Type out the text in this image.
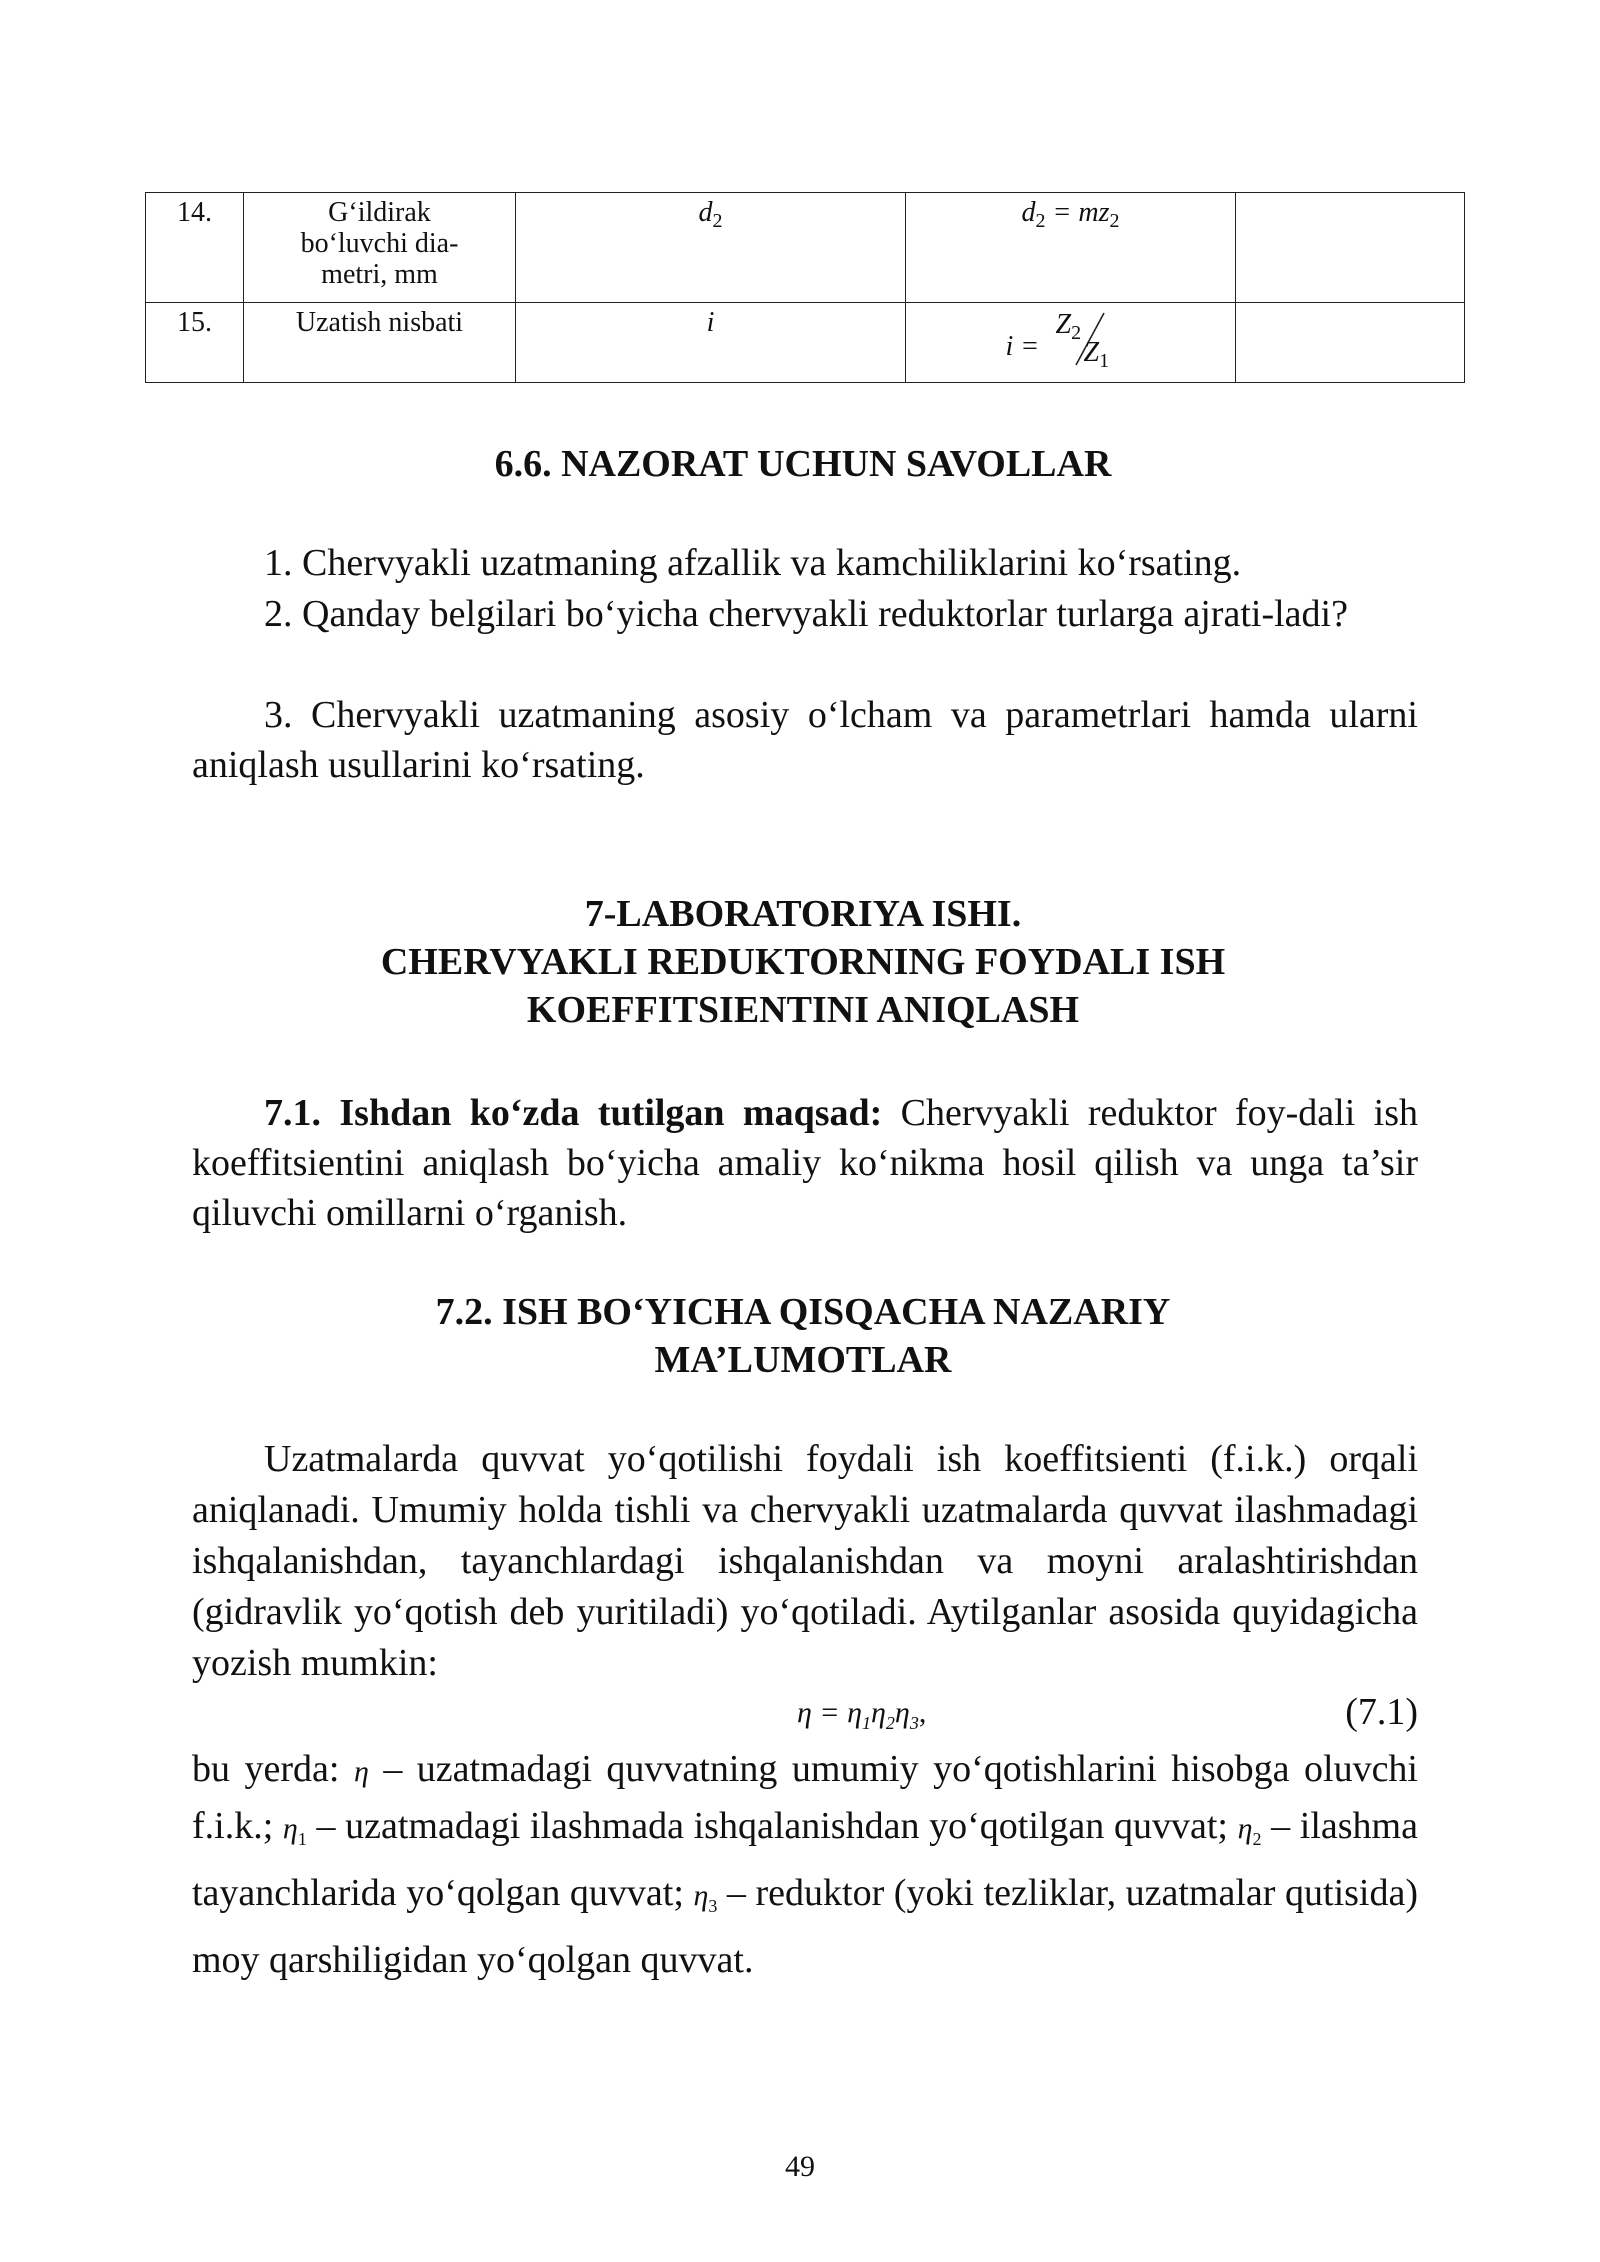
14.	G‘ildirak
bo‘luvchi dia-
metri, mm	$d_2$	$d_2 = mz_2$	
15.	Uzatish nisbati	i	i =
$Z_2$
$Z_1$

6.6. NAZORAT UCHUN SAVOLLAR

1. Chervyakli uzatmaning afzallik va kamchiliklarini ko‘rsating.

2. Qanday belgilari bo‘yicha chervyakli reduktorlar turlarga ajrati-ladi?

3. Chervyakli uzatmaning asosiy o‘lcham va parametrlari hamda ularni aniqlash usullarini ko‘rsating.

7-LABORATORIYA ISHI.
CHERVYAKLI REDUKTORNING FOYDALI ISH
KOEFFITSIENTINI ANIQLASH

7.1. Ishdan ko‘zda tutilgan maqsad: Chervyakli reduktor foy-dali ish koeffitsientini aniqlash bo‘yicha amaliy ko‘nikma hosil qilish va unga ta’sir qiluvchi omillarni o‘rganish.

7.2. ISH BO‘YICHA QISQACHA NAZARIY
MA’LUMOTLAR

Uzatmalarda quvvat yo‘qotilishi foydali ish koeffitsienti (f.i.k.) orqali aniqlanadi. Umumiy holda tishli va chervyakli uzatmalarda quvvat ilashmadagi ishqalanishdan, tayanchlardagi ishqalanishdan va moyni aralashtirishdan (gidravlik yo‘qotish deb yuritiladi) yo‘qotiladi. Aytilganlar asosida quyidagicha yozish mumkin:

$\eta = \eta_1\eta_2\eta_3$,	(7.1)

bu yerda: η – uzatmadagi quvvatning umumiy yo‘qotishlarini hisobga oluvchi f.i.k.; $\eta_1$ – uzatmadagi ilashmada ishqalanishdan yo‘qotilgan quvvat; $\eta_2$ – ilashma tayanchlarida yo‘qolgan quvvat; $\eta_3$ – reduktor (yoki tezliklar, uzatmalar qutisida) moy qarshiligidan yo‘qolgan quvvat.

49
